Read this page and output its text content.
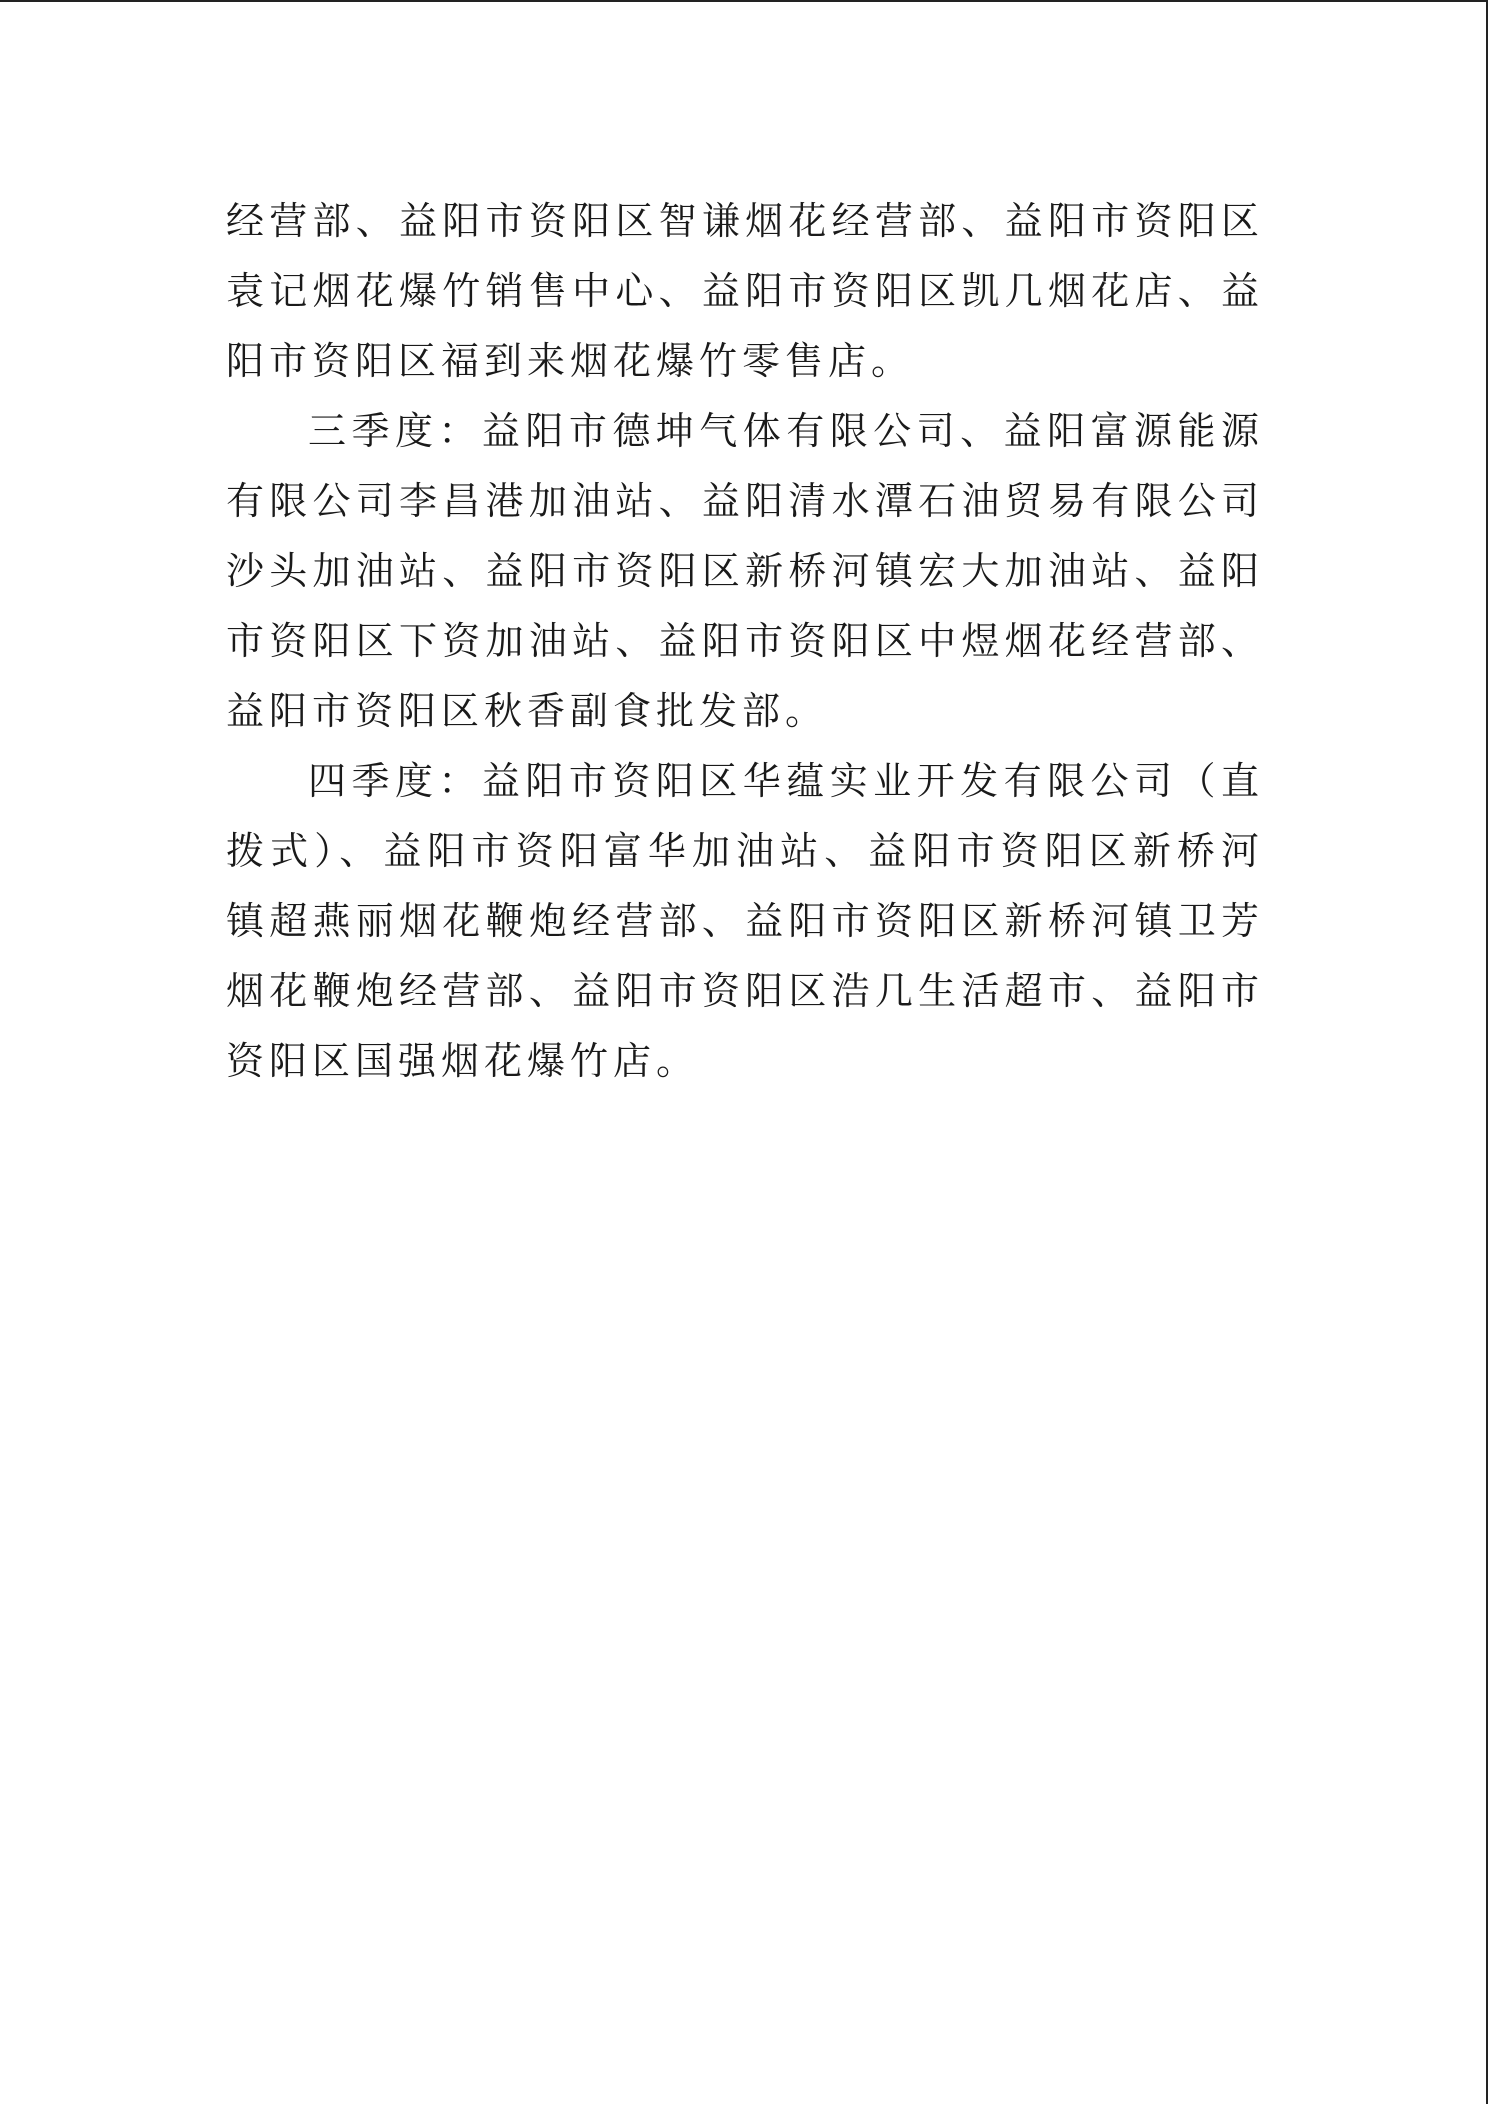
经营部、益阳市资阳区智谦烟花经营部、益阳市资阳区袁记烟花爆竹销售中心、益阳市资阳区凯几烟花店、益阳市资阳区福到来烟花爆竹零售店。

三季度：益阳市德坤气体有限公司、益阳富源能源有限公司李昌港加油站、益阳清水潭石油贸易有限公司沙头加油站、益阳市资阳区新桥河镇宏大加油站、益阳市资阳区下资加油站、益阳市资阳区中煜烟花经营部、益阳市资阳区秋香副食批发部。

四季度：益阳市资阳区华蕴实业开发有限公司（直拨式）、益阳市资阳富华加油站、益阳市资阳区新桥河镇超燕丽烟花鞭炮经营部、益阳市资阳区新桥河镇卫芳烟花鞭炮经营部、益阳市资阳区浩几生活超市、益阳市资阳区国强烟花爆竹店。
